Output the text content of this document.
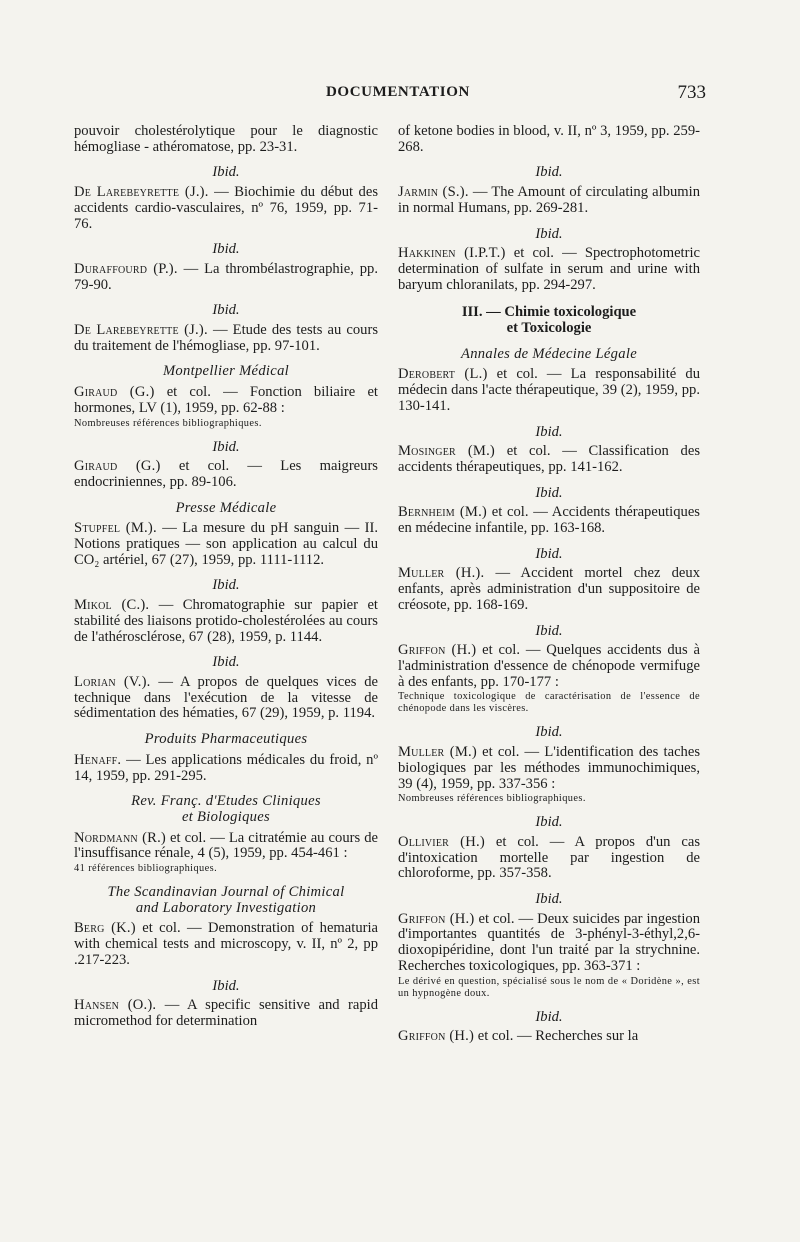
DOCUMENTATION	733
pouvoir cholestérolytique pour le diagnostic hémogliase - athéromatose, pp. 23-31.
Ibid.
De Larebeyrette (J.). — Biochimie du début des accidents cardio-vasculaires, nº 76, 1959, pp. 71-76.
Ibid.
Duraffourd (P.). — La thrombélastrographie, pp. 79-90.
Ibid.
De Larebeyrette (J.). — Etude des tests au cours du traitement de l'hémogliase, pp. 97-101.
Montpellier Médical
Giraud (G.) et col. — Fonction biliaire et hormones, LV (1), 1959, pp. 62-88 :
Nombreuses références bibliographiques.
Ibid.
Giraud (G.) et col. — Les maigreurs endocriniennes, pp. 89-106.
Presse Médicale
Stupfel (M.). — La mesure du pH sanguin — II. Notions pratiques — son application au calcul du CO₂ artériel, 67 (27), 1959, pp. 1111-1112.
Ibid.
Mikol (C.). — Chromatographie sur papier et stabilité des liaisons protido-cholestérolées au cours de l'athérosclérose, 67 (28), 1959, p. 1144.
Ibid.
Lorian (V.). — A propos de quelques vices de technique dans l'exécution de la vitesse de sédimentation des hématies, 67 (29), 1959, p. 1194.
Produits Pharmaceutiques
Henaff. — Les applications médicales du froid, nº 14, 1959, pp. 291-295.
Rev. Franç. d'Etudes Cliniques
et Biologiques
Nordmann (R.) et col. — La citratémie au cours de l'insuffisance rénale, 4 (5), 1959, pp. 454-461 :
41 références bibliographiques.
The Scandinavian Journal of Chimical
and Laboratory Investigation
Berg (K.) et col. — Demonstration of hematuria with chemical tests and microscopy, v. II, nº 2, pp .217-223.
Ibid.
Hansen (O.). — A specific sensitive and rapid micromethod for determination
of ketone bodies in blood, v. II, nº 3, 1959, pp. 259-268.
Ibid.
Jarmin (S.). — The Amount of circulating albumin in normal Humans, pp. 269-281.
Ibid.
Hakkinen (I.P.T.) et col. — Spectrophotometric determination of sulfate in serum and urine with baryum chloranilats, pp. 294-297.
III. — Chimie toxicologique
et Toxicologie
Annales de Médecine Légale
Derobert (L.) et col. — La responsabilité du médecin dans l'acte thérapeutique, 39 (2), 1959, pp. 130-141.
Ibid.
Mosinger (M.) et col. — Classification des accidents thérapeutiques, pp. 141-162.
Ibid.
Bernheim (M.) et col. — Accidents thérapeutiques en médecine infantile, pp. 163-168.
Ibid.
Muller (H.). — Accident mortel chez deux enfants, après administration d'un suppositoire de créosote, pp. 168-169.
Ibid.
Griffon (H.) et col. — Quelques accidents dus à l'administration d'essence de chénopode vermifuge à des enfants, pp. 170-177 :
Technique toxicologique de caractérisation de l'essence de chénopode dans les viscères.
Ibid.
Muller (M.) et col. — L'identification des taches biologiques par les méthodes immunochimiques, 39 (4), 1959, pp. 337-356 :
Nombreuses références bibliographiques.
Ibid.
Ollivier (H.) et col. — A propos d'un cas d'intoxication mortelle par ingestion de chloroforme, pp. 357-358.
Ibid.
Griffon (H.) et col. — Deux suicides par ingestion d'importantes quantités de 3-phényl-3-éthyl,2,6-dioxopipéridine, dont l'un traité par la strychnine. Recherches toxicologiques, pp. 363-371 :
Le dérivé en question, spécialisé sous le nom de « Doridène », est un hypnogène doux.
Ibid.
Griffon (H.) et col. — Recherches sur la
